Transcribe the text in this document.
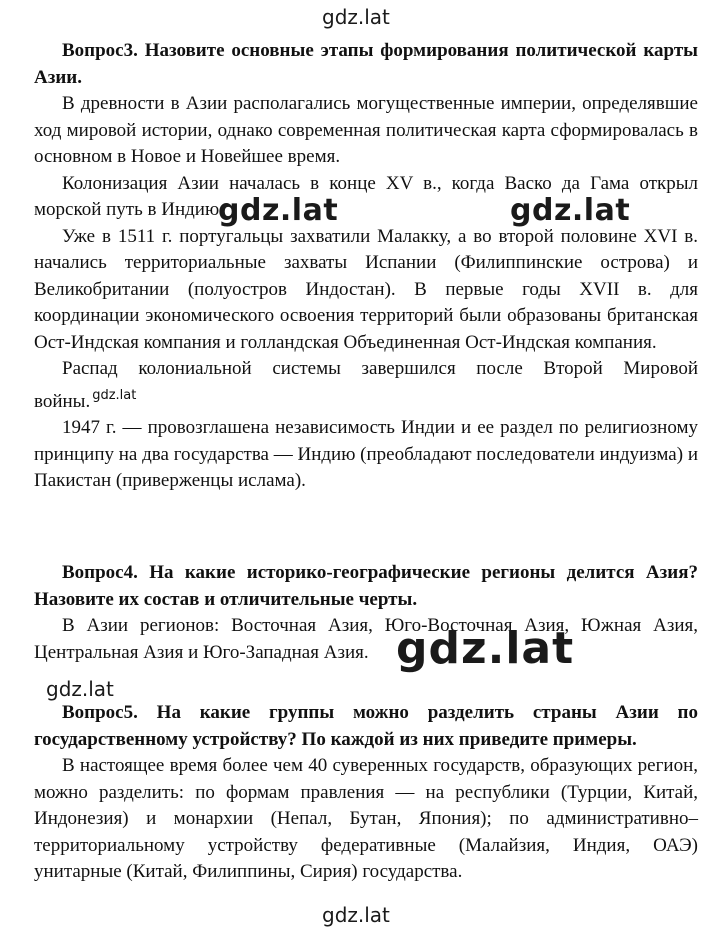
gdz.lat

Вопрос3. Назовите основные этапы формирования политической карты Азии.

В древности в Азии располагались могущественные империи, определявшие ход мировой истории, однако современная политическая карта сформировалась в основном в Новое и Новейшее время.

Колонизация Азии началась в конце XV в., когда Васко да Гама открыл морской путь в Индию.

Уже в 1511 г. португальцы захватили Малакку, а во второй половине XVI в. начались территориальные захваты Испании (Филиппинские острова) и Великобритании (полуостров Индостан). В первые годы XVII в. для координации экономического освоения территорий были образованы британская Ост-Индская компания и голландская Объединенная Ост-Индская компания.

Распад колониальной системы завершился после Второй Мировой войны. $^{gdz.lat}$

1947 г. — провозглашена независимость Индии и ее раздел по религиозному принципу на два государства — Индию (преобладают последователи индуизма) и Пакистан (приверженцы ислама).

gdz.lat	gdz.lat

Вопрос4. На какие историко-географические регионы делится Азия? Назовите их состав и отличительные черты.

В Азии регионов: Восточная Азия, Юго-Восточная Азия, Южная Азия, Центральная Азия и Юго-Западная Азия. gdz.lat
gdz.lat

Вопрос5. На какие группы можно разделить страны Азии по государственному устройству? По каждой из них приведите примеры.

В настоящее время более чем 40 суверенных государств, образующих регион, можно разделить: по формам правления — на республики (Турции, Китай, Индонезия) и монархии (Непал, Бутан, Япония); по административно–территориальному устройству федеративные (Малайзия, Индия, ОАЭ) унитарные (Китай, Филиппины, Сирия) государства.

gdz.lat
